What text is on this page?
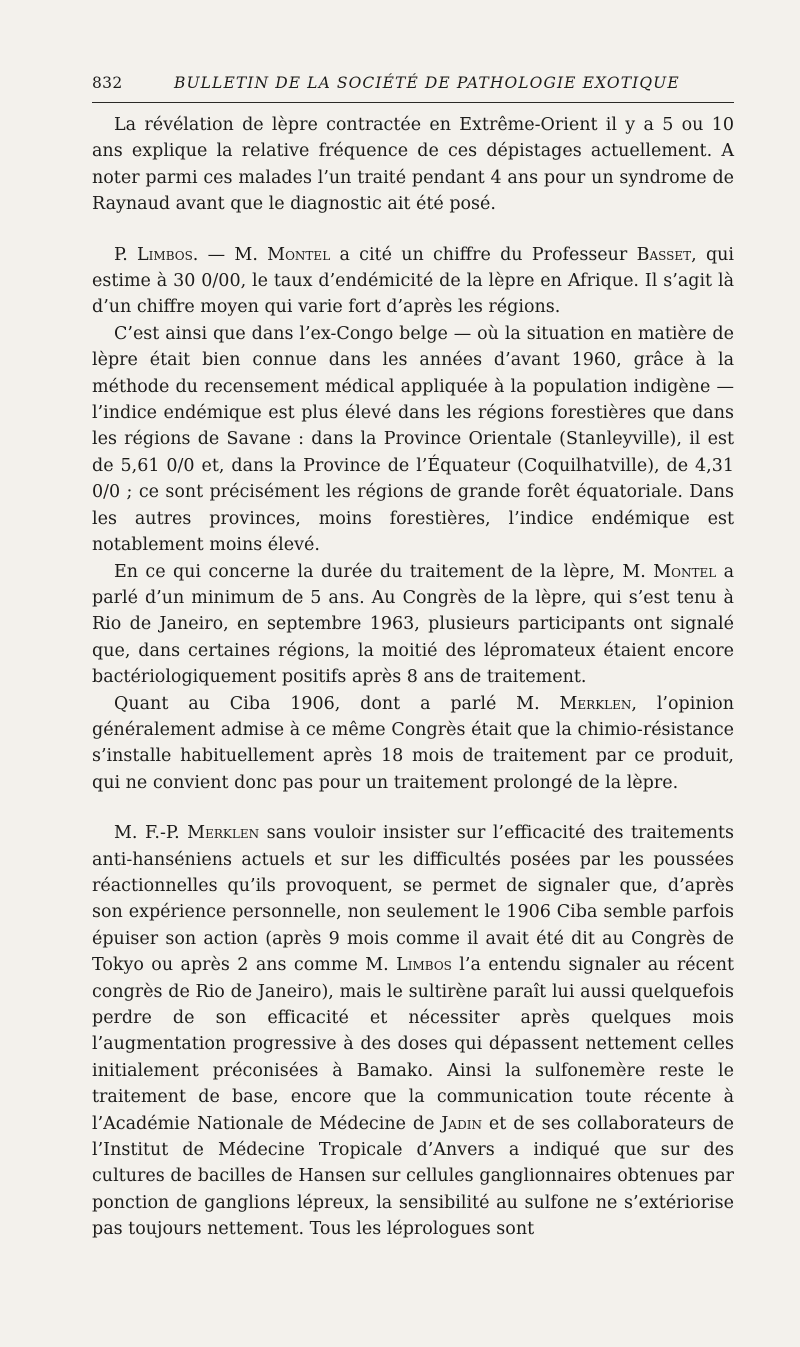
832	BULLETIN DE LA SOCIÉTÉ DE PATHOLOGIE EXOTIQUE

La révélation de lèpre contractée en Extrême-Orient il y a 5 ou 10 ans explique la relative fréquence de ces dépistages actuellement. A noter parmi ces malades l’un traité pendant 4 ans pour un syndrome de Raynaud avant que le diagnostic ait été posé.

P. Limbos. — M. Montel a cité un chiffre du Professeur Basset, qui estime à 30 0/00, le taux d’endémicité de la lèpre en Afrique. Il s’agit là d’un chiffre moyen qui varie fort d’après les régions.

C’est ainsi que dans l’ex-Congo belge — où la situation en matière de lèpre était bien connue dans les années d’avant 1960, grâce à la méthode du recensement médical appliquée à la population indigène — l’indice endémique est plus élevé dans les régions forestières que dans les régions de Savane : dans la Province Orientale (Stanleyville), il est de 5,61 0/0 et, dans la Province de l’Équateur (Coquilhatville), de 4,31 0/0 ; ce sont précisément les régions de grande forêt équatoriale. Dans les autres provinces, moins forestières, l’indice endémique est notablement moins élevé.

En ce qui concerne la durée du traitement de la lèpre, M. Montel a parlé d’un minimum de 5 ans. Au Congrès de la lèpre, qui s’est tenu à Rio de Janeiro, en septembre 1963, plusieurs participants ont signalé que, dans certaines régions, la moitié des lépromateux étaient encore bactériologiquement positifs après 8 ans de traitement.

Quant au Ciba 1906, dont a parlé M. Merklen, l’opinion généralement admise à ce même Congrès était que la chimio-résistance s’installe habituellement après 18 mois de traitement par ce produit, qui ne convient donc pas pour un traitement prolongé de la lèpre.

M. F.-P. Merklen sans vouloir insister sur l’efficacité des traitements anti-hanséniens actuels et sur les difficultés posées par les poussées réactionnelles qu’ils provoquent, se permet de signaler que, d’après son expérience personnelle, non seulement le 1906 Ciba semble parfois épuiser son action (après 9 mois comme il avait été dit au Congrès de Tokyo ou après 2 ans comme M. Limbos l’a entendu signaler au récent congrès de Rio de Janeiro), mais le sultirène paraît lui aussi quelquefois perdre de son efficacité et nécessiter après quelques mois l’augmentation progressive à des doses qui dépassent nettement celles initialement préconisées à Bamako. Ainsi la sulfonemère reste le traitement de base, encore que la communication toute récente à l’Académie Nationale de Médecine de Jadin et de ses collaborateurs de l’Institut de Médecine Tropicale d’Anvers a indiqué que sur des cultures de bacilles de Hansen sur cellules ganglionnaires obtenues par ponction de ganglions lépreux, la sensibilité au sulfone ne s’extériorise pas toujours nettement. Tous les léprologues sont
